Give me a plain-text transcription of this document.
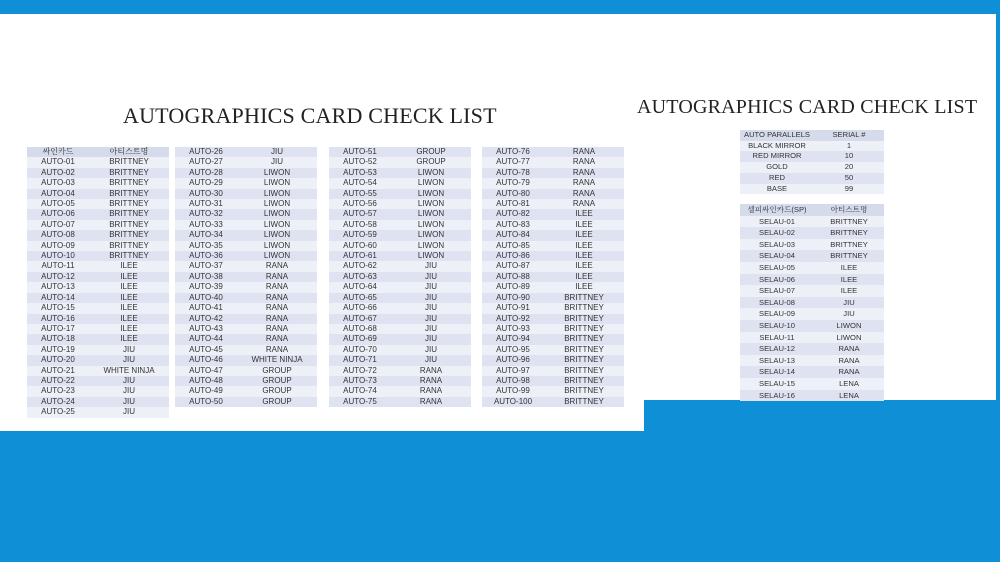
AUTOGRAPHICS CARD CHECK LIST	AUTOGRAPHICS CARD CHECK LIST
싸인카드	아티스트명
AUTO-01	BRITTNEY
AUTO-02	BRITTNEY
AUTO-03	BRITTNEY
AUTO-04	BRITTNEY
AUTO-05	BRITTNEY
AUTO-06	BRITTNEY
AUTO-07	BRITTNEY
AUTO-08	BRITTNEY
AUTO-09	BRITTNEY
AUTO-10	BRITTNEY
AUTO-11	ILEE
AUTO-12	ILEE
AUTO-13	ILEE
AUTO-14	ILEE
AUTO-15	ILEE
AUTO-16	ILEE
AUTO-17	ILEE
AUTO-18	ILEE
AUTO-19	JIU
AUTO-20	JIU
AUTO-21	WHITE NINJA
AUTO-22	JIU
AUTO-23	JIU
AUTO-24	JIU
AUTO-25	JIU
AUTO-26	JIU
AUTO-27	JIU
AUTO-28	LIWON
AUTO-29	LIWON
AUTO-30	LIWON
AUTO-31	LIWON
AUTO-32	LIWON
AUTO-33	LIWON
AUTO-34	LIWON
AUTO-35	LIWON
AUTO-36	LIWON
AUTO-37	RANA
AUTO-38	RANA
AUTO-39	RANA
AUTO-40	RANA
AUTO-41	RANA
AUTO-42	RANA
AUTO-43	RANA
AUTO-44	RANA
AUTO-45	RANA
AUTO-46	WHITE NINJA
AUTO-47	GROUP
AUTO-48	GROUP
AUTO-49	GROUP
AUTO-50	GROUP
AUTO-51	GROUP
AUTO-52	GROUP
AUTO-53	LIWON
AUTO-54	LIWON
AUTO-55	LIWON
AUTO-56	LIWON
AUTO-57	LIWON
AUTO-58	LIWON
AUTO-59	LIWON
AUTO-60	LIWON
AUTO-61	LIWON
AUTO-62	JIU
AUTO-63	JIU
AUTO-64	JIU
AUTO-65	JIU
AUTO-66	JIU
AUTO-67	JIU
AUTO-68	JIU
AUTO-69	JIU
AUTO-70	JIU
AUTO-71	JIU
AUTO-72	RANA
AUTO-73	RANA
AUTO-74	RANA
AUTO-75	RANA
AUTO-76	RANA
AUTO-77	RANA
AUTO-78	RANA
AUTO-79	RANA
AUTO-80	RANA
AUTO-81	RANA
AUTO-82	ILEE
AUTO-83	ILEE
AUTO-84	ILEE
AUTO-85	ILEE
AUTO-86	ILEE
AUTO-87	ILEE
AUTO-88	ILEE
AUTO-89	ILEE
AUTO-90	BRITTNEY
AUTO-91	BRITTNEY
AUTO-92	BRITTNEY
AUTO-93	BRITTNEY
AUTO-94	BRITTNEY
AUTO-95	BRITTNEY
AUTO-96	BRITTNEY
AUTO-97	BRITTNEY
AUTO-98	BRITTNEY
AUTO-99	BRITTNEY
AUTO-100	BRITTNEY
AUTO PARALLELS	SERIAL #
BLACK MIRROR	1
RED MIRROR	10
GOLD	20
RED	50
BASE	99
셀피싸인카드(SP)	아티스트명
SELAU-01	BRITTNEY
SELAU-02	BRITTNEY
SELAU-03	BRITTNEY
SELAU-04	BRITTNEY
SELAU-05	ILEE
SELAU-06	ILEE
SELAU-07	ILEE
SELAU-08	JIU
SELAU-09	JIU
SELAU-10	LIWON
SELAU-11	LIWON
SELAU-12	RANA
SELAU-13	RANA
SELAU-14	RANA
SELAU-15	LENA
SELAU-16	LENA
